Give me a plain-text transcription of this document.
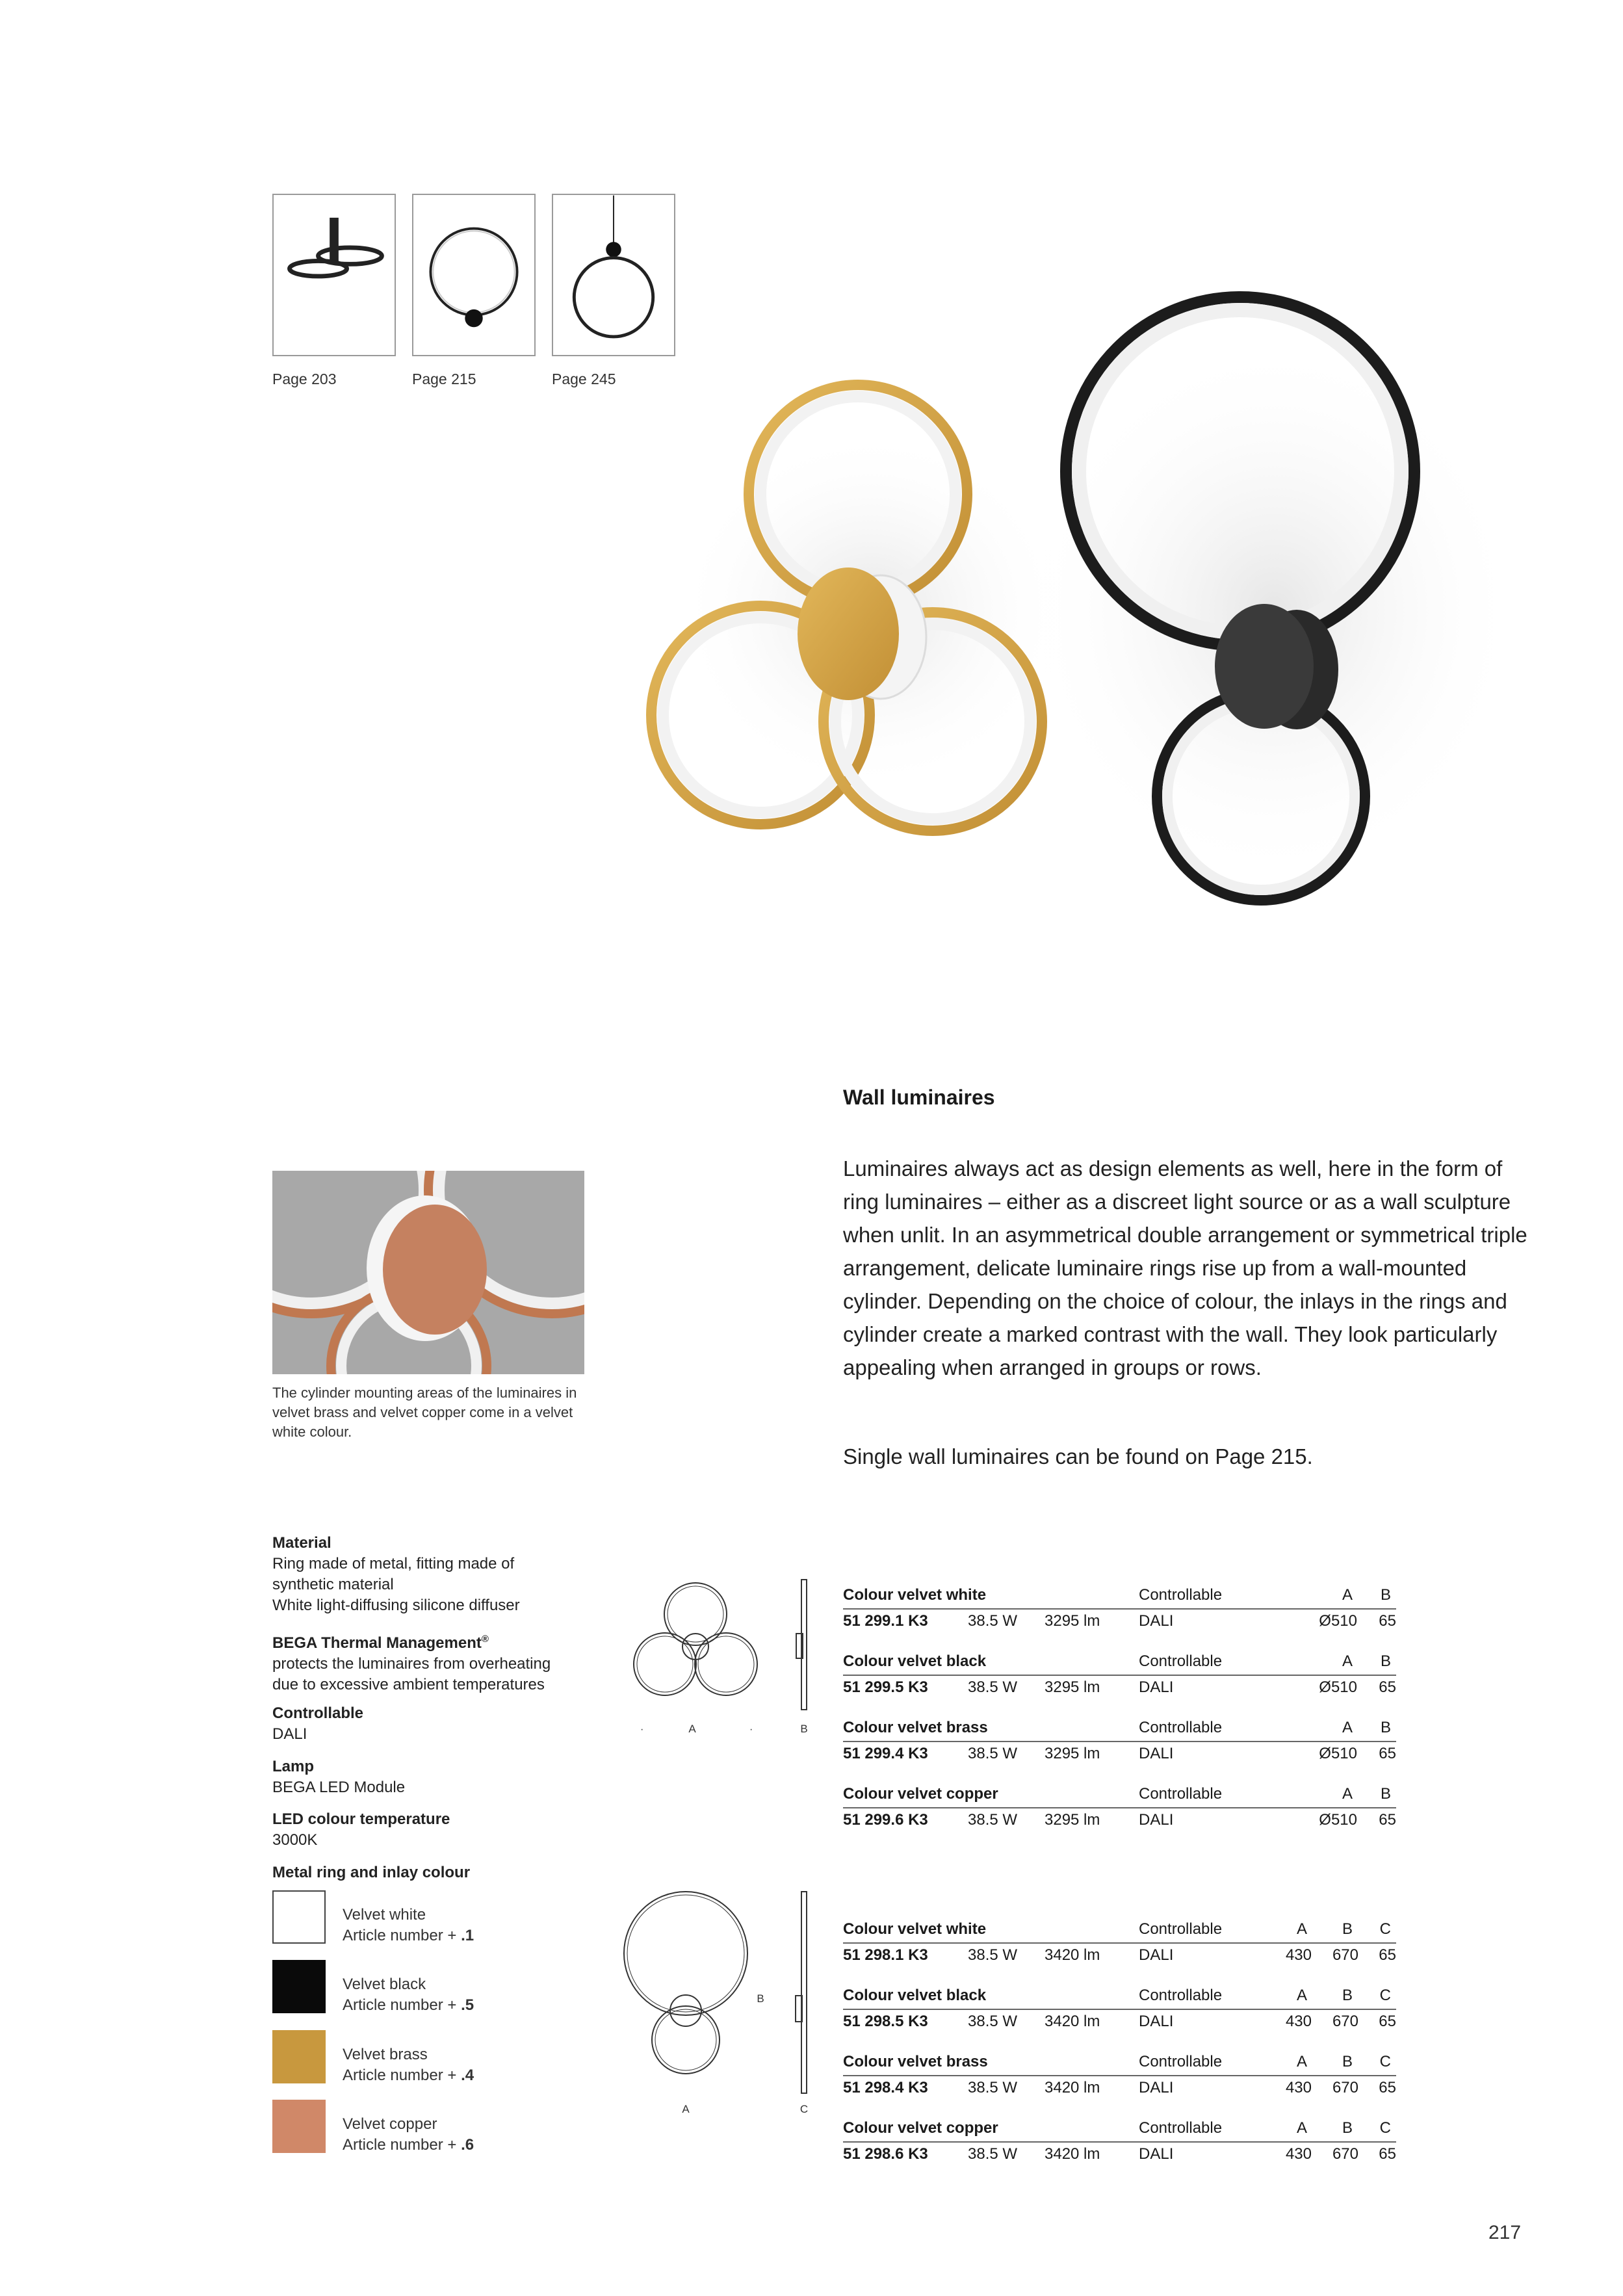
Page 203	Page 215	Page 245
Wall luminaires
Luminaires always act as design elements as well, here in the form of ring luminaires – either as a discreet light source or as a wall sculpture when unlit. In an asymmetrical double arrangement or symmetrical triple arrangement, delicate luminaire rings rise up from a wall-mounted cylinder. Depending on the choice of colour, the inlays in the rings and cylinder create a marked contrast with the wall. They look particularly appealing when arranged in groups or rows.
Single wall luminaires can be found on Page 215.
The cylinder mounting areas of the luminaires in velvet brass and velvet copper come in a velvet white colour.
Material
Ring made of metal, fitting made of
synthetic material
White light-diffusing silicone diffuser
BEGA Thermal Management®
protects the luminaires from overheating
due to excessive ambient temperatures
Controllable
DALI
Lamp
BEGA LED Module
LED colour temperature
3000K
Metal ring and inlay colour
Velvet white
Article number + .1
Velvet black
Article number + .5
Velvet brass
Article number + .4
Velvet copper
Article number + .6
·	A	·	B
B
A	C
Colour velvet white	Controllable	A B
51 299.1 K3	38.5 W 3295 lm DALI	Ø510 65
Colour velvet black	Controllable	A B
51 299.5 K3	38.5 W 3295 lm DALI	Ø510 65
Colour velvet brass	Controllable	A B
51 299.4 K3	38.5 W 3295 lm DALI	Ø510 65
Colour velvet copper	Controllable	A B
51 299.6 K3	38.5 W 3295 lm DALI	Ø510 65
Colour velvet white	Controllable	A B C
51 298.1 K3	38.5 W 3420 lm DALI	430 670 65
Colour velvet black	Controllable	A B C
51 298.5 K3	38.5 W 3420 lm DALI	430 670 65
Colour velvet brass	Controllable	A B C
51 298.4 K3	38.5 W 3420 lm DALI	430 670 65
Colour velvet copper	Controllable	A B C
51 298.6 K3	38.5 W 3420 lm DALI	430 670 65
217
